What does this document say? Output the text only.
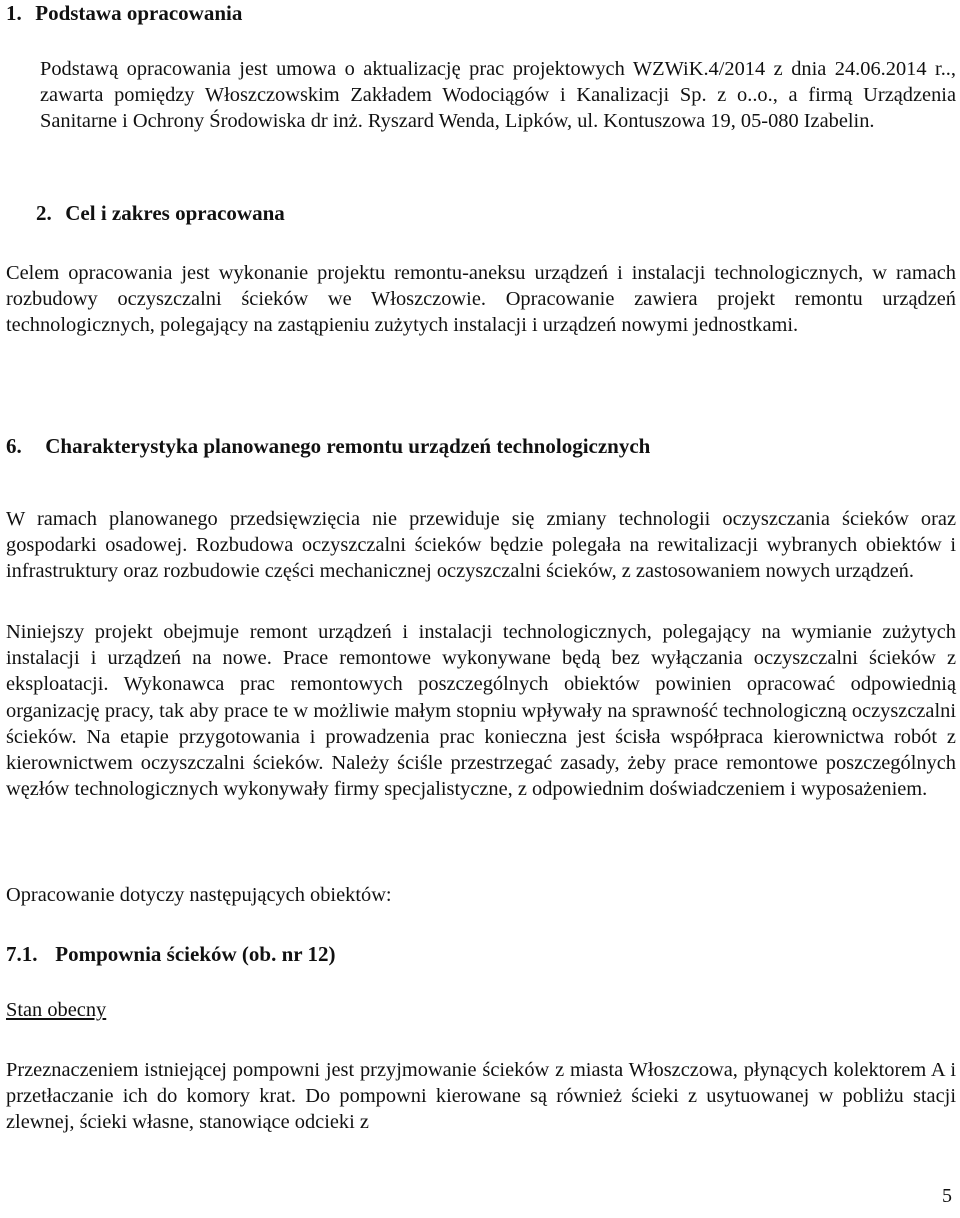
1. Podstawa opracowania

Podstawą opracowania jest umowa o aktualizację prac projektowych WZWiK.4/2014 z dnia 24.06.2014 r.., zawarta pomiędzy Włoszczowskim Zakładem Wodociągów i Kanalizacji Sp. z o..o., a firmą Urządzenia Sanitarne i Ochrony Środowiska dr inż. Ryszard Wenda, Lipków, ul. Kontuszowa 19, 05-080 Izabelin.

2. Cel i zakres opracowana

Celem opracowania jest wykonanie projektu remontu-aneksu urządzeń i instalacji technologicznych, w ramach rozbudowy oczyszczalni ścieków we Włoszczowie. Opracowanie zawiera projekt remontu urządzeń technologicznych, polegający na zastąpieniu zużytych instalacji i urządzeń nowymi jednostkami.

6. Charakterystyka planowanego remontu urządzeń technologicznych

W ramach planowanego przedsięwzięcia nie przewiduje się zmiany technologii oczyszczania ścieków oraz gospodarki osadowej. Rozbudowa oczyszczalni ścieków będzie polegała na rewitalizacji wybranych obiektów i infrastruktury oraz rozbudowie części mechanicznej oczyszczalni ścieków, z zastosowaniem nowych urządzeń.

Niniejszy projekt obejmuje remont urządzeń i instalacji technologicznych, polegający na wymianie zużytych instalacji i urządzeń na nowe. Prace remontowe wykonywane będą bez wyłączania oczyszczalni ścieków z eksploatacji. Wykonawca prac remontowych poszczególnych obiektów powinien opracować odpowiednią organizację pracy, tak aby prace te w możliwie małym stopniu wpływały na sprawność technologiczną oczyszczalni ścieków. Na etapie przygotowania i prowadzenia prac konieczna jest ścisła współpraca kierownictwa robót z kierownictwem oczyszczalni ścieków. Należy ściśle przestrzegać zasady, żeby prace remontowe poszczególnych węzłów technologicznych wykonywały firmy specjalistyczne, z odpowiednim doświadczeniem i wyposażeniem.

Opracowanie dotyczy następujących obiektów:

7.1. Pompownia ścieków (ob. nr 12)
Stan obecny

Przeznaczeniem istniejącej pompowni jest przyjmowanie ścieków z miasta Włoszczowa, płynących kolektorem A i przetłaczanie ich do komory krat. Do pompowni kierowane są również ścieki z usytuowanej w pobliżu stacji zlewnej, ścieki własne, stanowiące odcieki z

5
